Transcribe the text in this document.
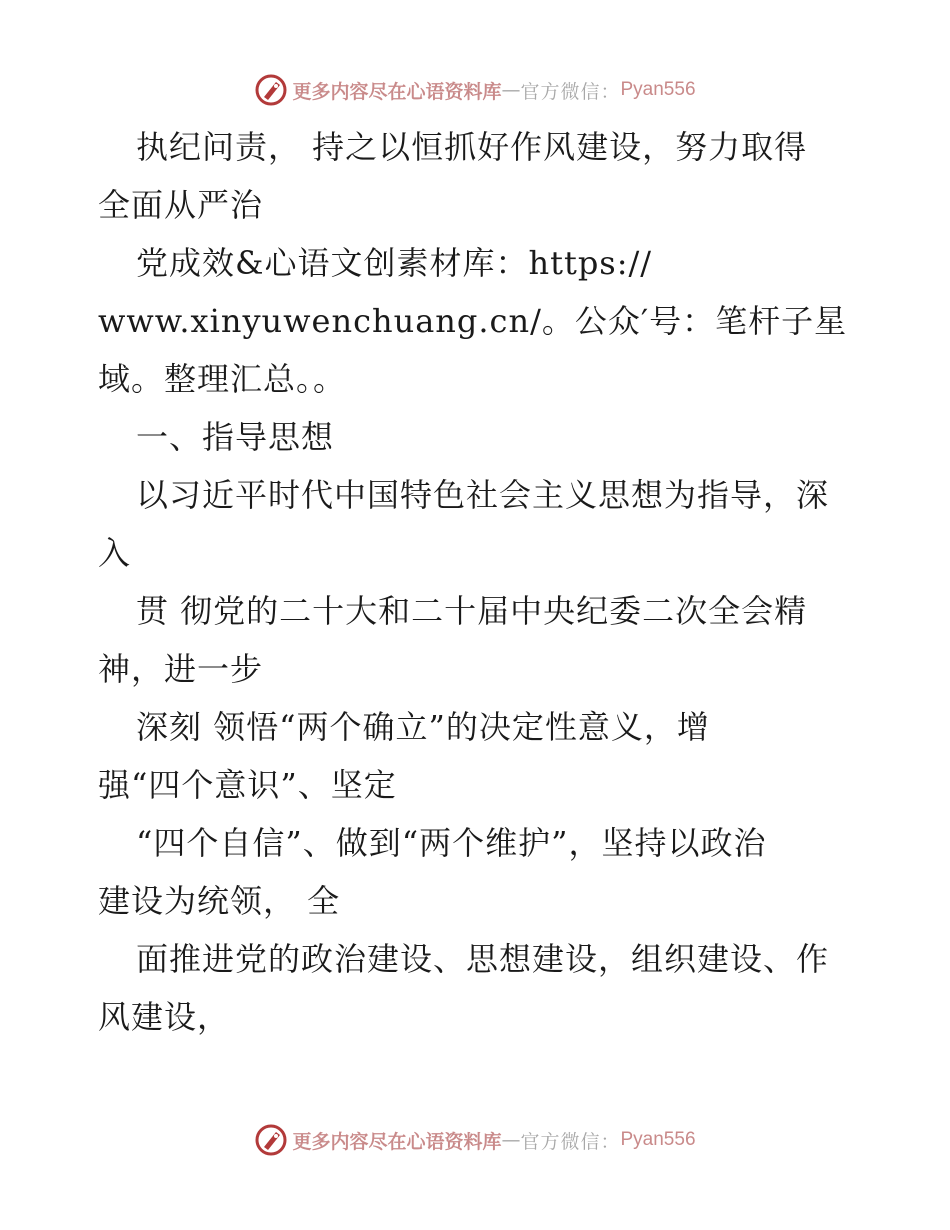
更多内容尽在心语资料库 — 官方微信： Pyan556
执纪问责， 持之以恒抓好作风建设，努力取得
全面从严治
党成效&心语文创素材库：https://
www.xinyuwenchuang.cn/。公众′号：笔杆子星
域。整理汇总。。
一、指导思想
以习近平时代中国特色社会主义思想为指导，深
入
贯 彻党的二十大和二十届中央纪委二次全会精
神，进一步
深刻 领悟“两个确立”的决定性意义，增
强“四个意识”、坚定
“四个自信”、做到“两个维护”，坚持以政治
建设为统领， 全
面推进党的政治建设、思想建设，组织建设、作
风建设，
更多内容尽在心语资料库 — 官方微信： Pyan556
